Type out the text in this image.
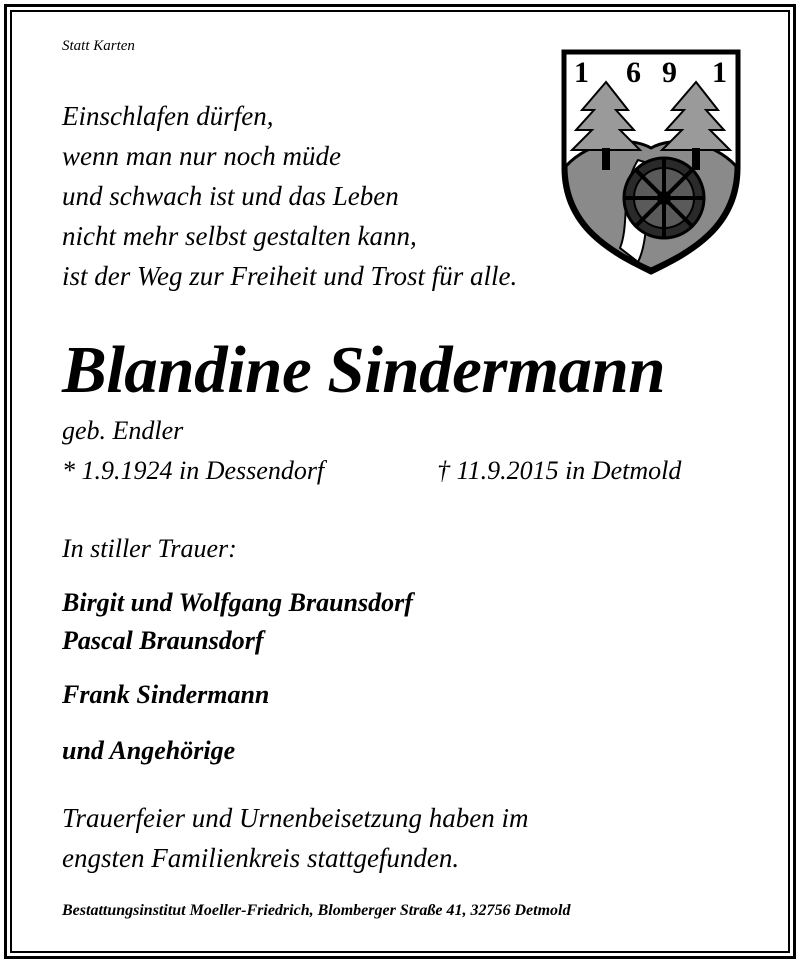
Statt Karten
Einschlafen dürfen,
wenn man nur noch müde
und schwach ist und das Leben
nicht mehr selbst gestalten kann,
ist der Weg zur Freiheit und Trost für alle.
1 6 9 1
Blandine Sindermann
geb. Endler
* 1.9.1924 in Dessendorf	† 11.9.2015 in Detmold
In stiller Trauer:
Birgit und Wolfgang Braunsdorf
Pascal Braunsdorf
Frank Sindermann
und Angehörige
Trauerfeier und Urnenbeisetzung haben im
engsten Familienkreis stattgefunden.
Bestattungsinstitut Moeller-Friedrich, Blomberger Straße 41, 32756 Detmold
